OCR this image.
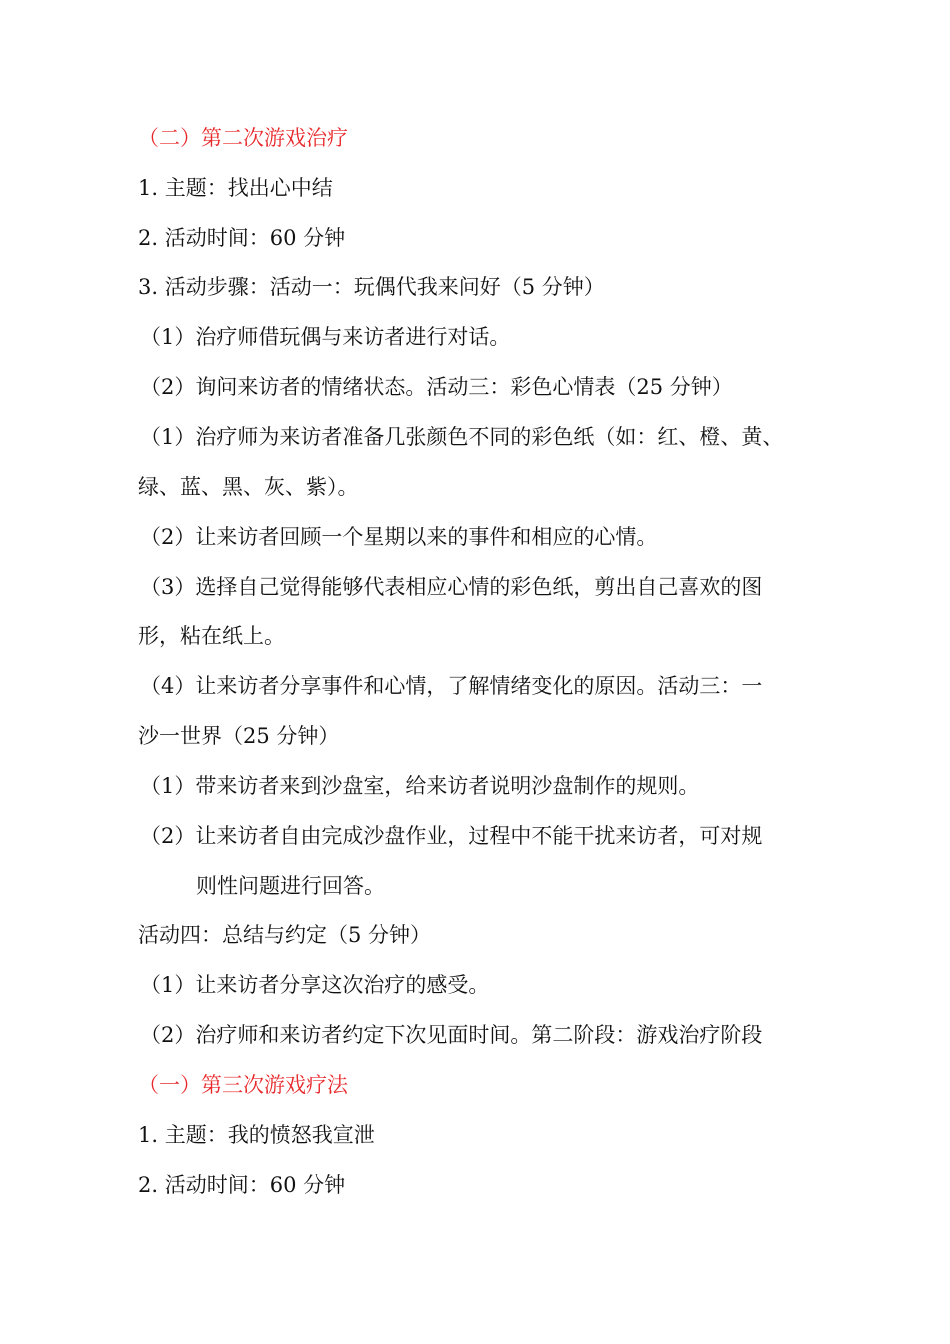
（二）第二次游戏治疗
1. 主题：找出心中结
2. 活动时间：60 分钟
3. 活动步骤：活动一：玩偶代我来问好（5 分钟）
（1）治疗师借玩偶与来访者进行对话。
（2）询问来访者的情绪状态。活动三：彩色心情表（25 分钟）
（1）治疗师为来访者准备几张颜色不同的彩色纸（如：红、橙、黄、
绿、蓝、黑、灰、紫）。
（2）让来访者回顾一个星期以来的事件和相应的心情。
（3）选择自己觉得能够代表相应心情的彩色纸，剪出自己喜欢的图
形，粘在纸上。
（4）让来访者分享事件和心情，了解情绪变化的原因。活动三：一
沙一世界（25 分钟）
（1）带来访者来到沙盘室，给来访者说明沙盘制作的规则。
（2）让来访者自由完成沙盘作业，过程中不能干扰来访者，可对规
则性问题进行回答。
活动四：总结与约定（5 分钟）
（1）让来访者分享这次治疗的感受。
（2）治疗师和来访者约定下次见面时间。第二阶段：游戏治疗阶段
（一）第三次游戏疗法
1. 主题：我的愤怒我宣泄
2. 活动时间：60 分钟
